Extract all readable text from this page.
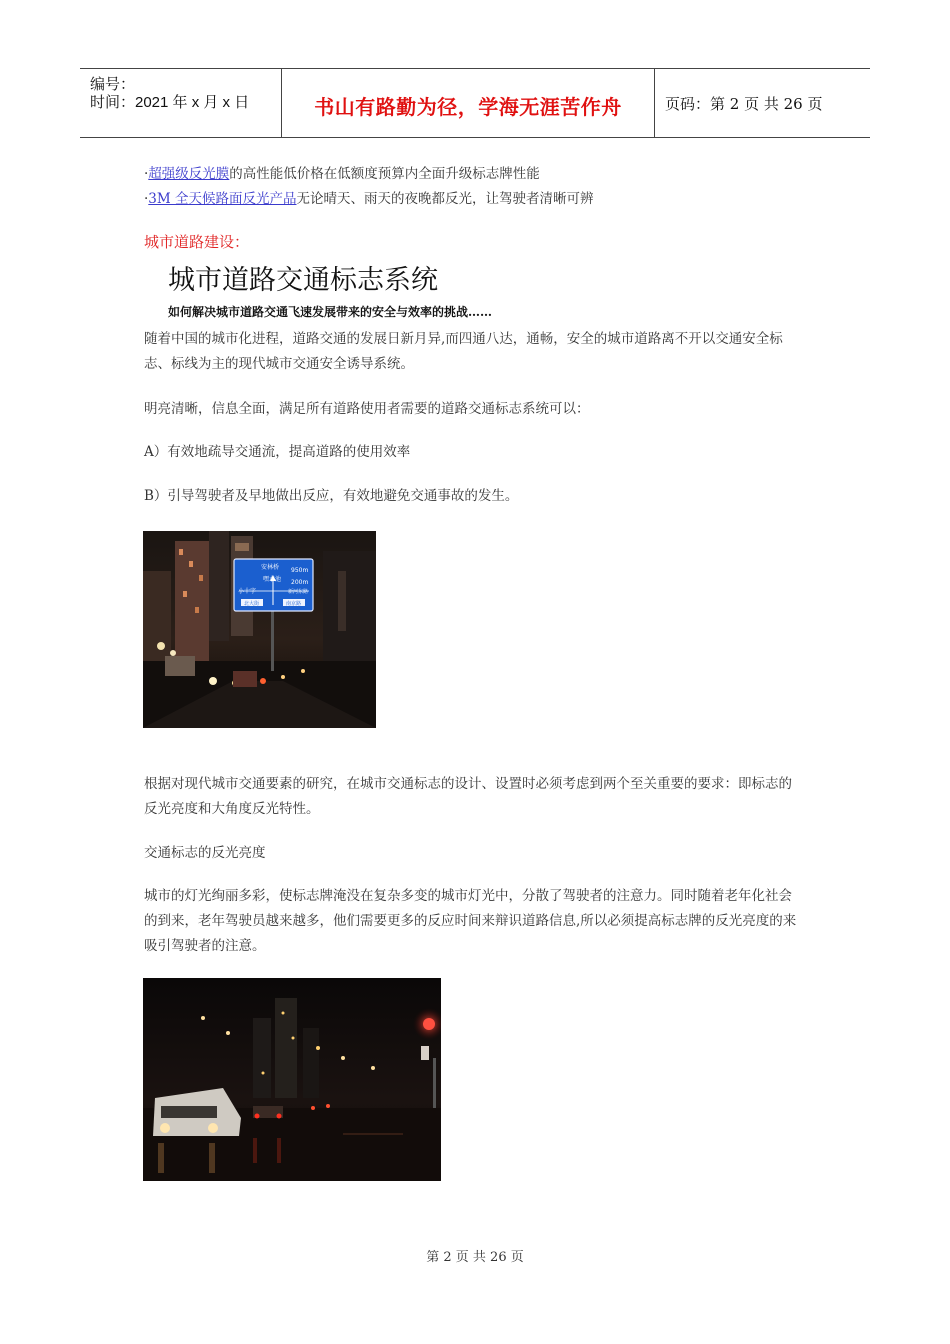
编号：
时间：2021 年 x 月 x 日	书山有路勤为径，学海无涯苦作舟	页码：第 2 页 共 26 页
·超强级反光膜的高性能低价格在低额度预算内全面升级标志牌性能
·3M 全天候路面反光产品无论晴天、雨天的夜晚都反光，让驾驶者清晰可辨
城市道路建设：
城市道路交通标志系统
如何解决城市道路交通飞速发展带来的安全与效率的挑战……
随着中国的城市化进程，道路交通的发展日新月异,而四通八达，通畅，安全的城市道路离不开以交通安全标志、标线为主的现代城市交通安全诱导系统。
明亮清晰，信息全面，满足所有道路使用者需要的道路交通标志系统可以：
A）有效地疏导交通流，提高道路的使用效率
B）引导驾驶者及早地做出反应，有效地避免交通事故的发生。
安林桥 950m
嘿水池 200m
小十字	新河东路
北大街	南京路
根据对现代城市交通要素的研究，在城市交通标志的设计、设置时必须考虑到两个至关重要的要求：即标志的反光亮度和大角度反光特性。
交通标志的反光亮度
城市的灯光绚丽多彩，使标志牌淹没在复杂多变的城市灯光中，分散了驾驶者的注意力。同时随着老年化社会的到来，老年驾驶员越来越多，他们需要更多的反应时间来辩识道路信息,所以必须提高标志牌的反光亮度的来吸引驾驶者的注意。
第 2 页 共 26 页
